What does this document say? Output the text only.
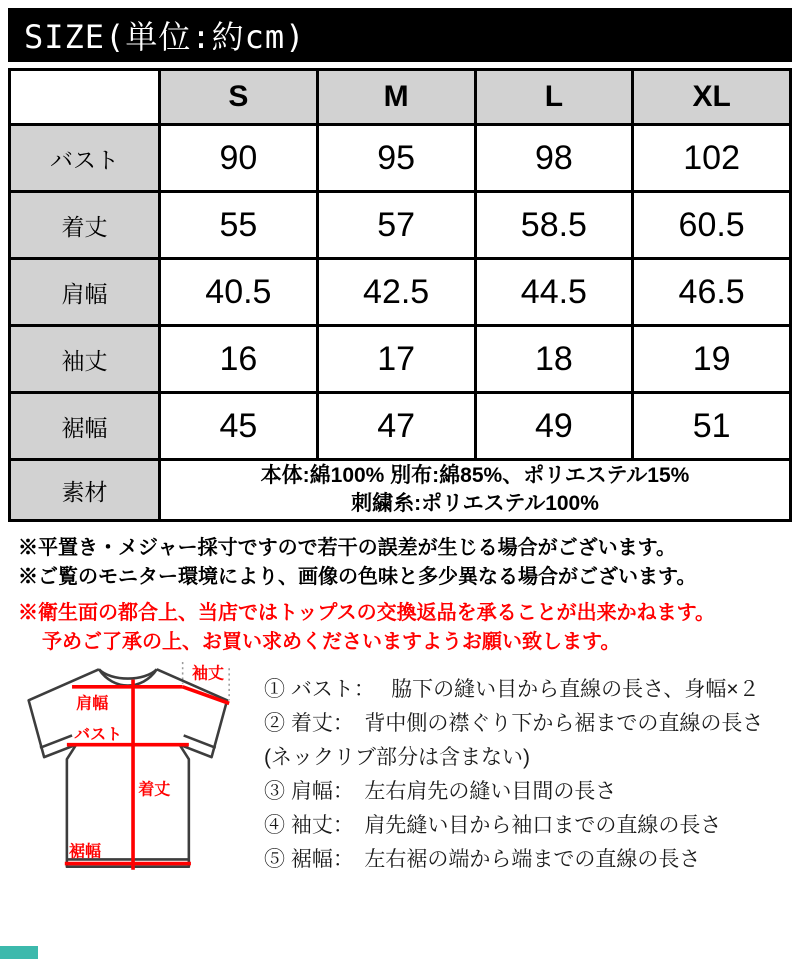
SIZE(単位:約cm)
	S	M	L	XL
バスト	90	95	98	102
着丈	55	57	58.5	60.5
肩幅	40.5	42.5	44.5	46.5
袖丈	16	17	18	19
裾幅	45	47	49	51
素材	本体:綿100% 別布:綿85%、ポリエステル15%
刺繍糸:ポリエステル100%			
※平置き・メジャー採寸ですので若干の誤差が生じる場合がございます。
※ご覧のモニター環境により、画像の色味と多少異なる場合がございます。
※衛生面の都合上、当店ではトップスの交換返品を承ることが出来かねます。
予めご了承の上、お買い求めくださいますようお願い致します。
肩幅
袖丈
バスト
着丈
裾幅
① バスト：　 脇下の縫い目から直線の長さ、身幅×２
② 着丈：　背中側の襟ぐり下から裾までの直線の長さ
(ネックリブ部分は含まない)
③ 肩幅：　左右肩先の縫い目間の長さ
④ 袖丈：　肩先縫い目から袖口までの直線の長さ
⑤ 裾幅：　左右裾の端から端までの直線の長さ
